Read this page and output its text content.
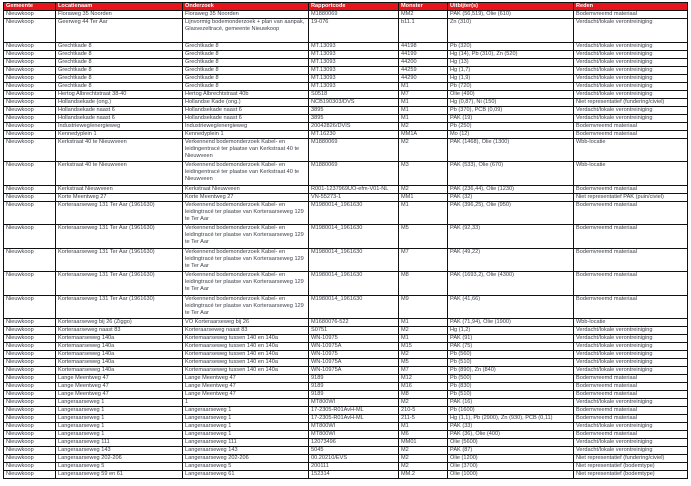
Gemeente	Locatienaam	Onderzoek	Rapportcode	Monster	Uitbijter(s)	Reden
Nieuwkoop	Floraweg 35 Noorden	Floraweg 35 Noorden	M1880069	MM2	PAK (56,519), Olie (610)	Bodemvreemd materiaal
Nieuwkoop	Geerweg 44 Ter Aar	Lijnvormig bodemonderzoek + plan van aanpak, Glasvezeltracé, gemeente Nieuwkoop	19-076	b11.1	Zn (310)	Verdacht/lokale verontreiniging
Nieuwkoop	Grechtkade 8	Grechtkade 8	MT.13093	44198	Pb (320)	Verdacht/lokale verontreiniging
Nieuwkoop	Grechtkade 8	Grechtkade 8	MT.13093	44199	Hg (14), Pb (310), Zn (520)	Verdacht/lokale verontreiniging
Nieuwkoop	Grechtkade 8	Grechtkade 8	MT.13093	44200	Hg (13)	Verdacht/lokale verontreiniging
Nieuwkoop	Grechtkade 8	Grechtkade 8	MT.13093	44259	Hg (1,7)	Verdacht/lokale verontreiniging
Nieuwkoop	Grechtkade 8	Grechtkade 8	MT.13093	44290	Hg (1,9)	Verdacht/lokale verontreiniging
Nieuwkoop	Grechtkade 8	Grechtkade 8	MT.13093	M1	Pb (720)	Verdacht/lokale verontreiniging
Nieuwkoop	Hertog Albrechtstraat 38-40	Hertog Albrechtstraat 40b	S0518	M7	Olie (490)	Verdacht/lokale verontreiniging
Nieuwkoop	Hollandsekade (ong.)	Hollandse Kade (ong.)	NCB190303/DVS	M1	Hg (0,87), Ni (150)	Niet representatief (fundering/civiel)
Nieuwkoop	Hollandsekade naast 6	Hollandsekade naast 6	3895	M1	Pb (370), PCB (0,09)	Verdacht/lokale verontreiniging
Nieuwkoop	Hollandsekade naast 6	Hollandsekade naast 6	3895	M1	PAK (19)	Verdacht/lokale verontreiniging
Nieuwkoop	Industrieweg/energieweg	Industrieweg/energieweg	20042826/DVIS	M2	Pb (250)	Bodemvreemd materiaal
Nieuwkoop	Kennedyplein 1	Kennedyplein 1	MT.16230	MM1A	Mo (12)	Bodemvreemd materiaal
Nieuwkoop	Kerkstraat 40 te Nieuwveen	Verkennend bodemonderzoek Kabel- en leidingentracé ter plaatse van Kerkstraat 40 te Nieuwveen	M1880069	M2	PAK (1468), Olie (1300)	Wbb-locatie
Nieuwkoop	Kerkstraat 40 te Nieuwveen	Verkennend bodemonderzoek Kabel- en leidingentracé ter plaatse van Kerkstraat 40 te Nieuwveen	M1880069	M3	PAK (533), Olie (670)	Wbb-locatie
Nieuwkoop	Kerkstraat Nieuwveen	Kerkstraat Nieuwveen	R001-1237969UO-efm-V01-NL	M2	PAK (236,44), Olie (1230)	Bodemvreemd materiaal
Nieuwkoop	Korte Meentweg 27	Korte Meentweg 27	VN-55273-1	MM1	PAK (32)	Niet representatief PAK (puin/civiel)
Nieuwkoop	Korteraarseweg 131 Ter Aar (1961630)	Verkennend bodemonderzoek Kabel- en leidingtracé ter plaatse van Korteraarseweg 129 te Ter Aar	M1980014_1961630	M1	PAK (396,25), Olie (950)	Bodemvreemd materiaal
Nieuwkoop	Korteraarseweg 131 Ter Aar (1961630)	Verkennend bodemonderzoek Kabel- en leidingtracé ter plaatse van Korteraarseweg 129 te Ter Aar	M1980014_1961630	M5	PAK (92,33)	Bodemvreemd materiaal
Nieuwkoop	Korteraarseweg 131 Ter Aar (1961630)	Verkennend bodemonderzoek Kabel- en leidingtracé ter plaatse van Korteraarseweg 129 te Ter Aar	M1980014_1961630	M7	PAK (49,22)	Bodemvreemd materiaal
Nieuwkoop	Korteraarseweg 131 Ter Aar (1961630)	Verkennend bodemonderzoek Kabel- en leidingtracé ter plaatse van Korteraarseweg 129 te Ter Aar	M1980014_1961630	M8	PAK (1693,2), Olie (4300)	Bodemvreemd materiaal
Nieuwkoop	Korteraarseweg 131 Ter Aar (1961630)	Verkennend bodemonderzoek Kabel- en leidingtracé ter plaatse van Korteraarseweg 129 te Ter Aar	M1980014_1961630	M9	PAK (41,66)	Bodemvreemd materiaal
Nieuwkoop	Korteraarseweg bij 26 (Ziggo)	VO Korteraarseweg bij 26	M1680076-522	M1	PAK (71,94), Olie (1900)	Wbb-locatie
Nieuwkoop	Korteraarseweg naast 83	Korteraarseweg naast 83	S0751	M2	Hg (1,2)	Verdacht/lokale verontreiniging
Nieuwkoop	Kortemaarseweg 140a	Kortemaarseweg tussen 140 en 140a	WN-10975	M1	PAK (91)	Verdacht/lokale verontreiniging
Nieuwkoop	Kortemaarseweg 140a	Kortemaarseweg tussen 140 en 140a	WN-10975A	M15	PAK (75)	Verdacht/lokale verontreiniging
Nieuwkoop	Kortemaarseweg 140a	Kortemaarseweg tussen 140 en 140a	WN-10975	M2	Pb (560)	Verdacht/lokale verontreiniging
Nieuwkoop	Kortemaarseweg 140a	Kortemaarseweg tussen 140 en 140a	WN-10975A	M5	Pb (510)	Verdacht/lokale verontreiniging
Nieuwkoop	Kortemaarseweg 140a	Kortemaarseweg tussen 140 en 140a	WN-10975A	M7	Pb (890), Zn (840)	Verdacht/lokale verontreiniging
Nieuwkoop	Lange Meentweg 47	Lange Meentweg 47	9189	M12	Pb (500)	Bodemvreemd materiaal
Nieuwkoop	Lange Meentweg 47	Lange Meentweg 47	9189	M16	Pb (830)	Bodemvreemd materiaal
Nieuwkoop	Lange Meentweg 47	Lange Meentweg 47	9189	M8	Pb (510)	Bodemvreemd materiaal
Nieuwkoop	Langeraarseweg 1	1	MT800WI	M2	PAK (16)	Verdacht/lokale verontreiniging
Nieuwkoop	Langeraarseweg 1	Langeraarseweg 1	17-2305-R01AvH-ML	210-5	Pb (1600)	Bodemvreemd materiaal
Nieuwkoop	Langeraarseweg 1	Langeraarseweg 1	17-2305-R01AvH-ML	211-5	Hg (1,1), Pb (2900), Zn (930), PCB (0,11)	Bodemvreemd materiaal
Nieuwkoop	Langeraarseweg 1	Langeraarseweg 1	MT800WI	M1	PAK (33)	Verdacht/lokale verontreiniging
Nieuwkoop	Langeraarseweg 1	Langeraarseweg 1	MT800WI	M6	PAK (36), Olie (400)	Bodemvreemd materiaal
Nieuwkoop	Langeraarseweg 111	Langeraarseweg 111	12073496	MM01	Olie (5600)	Verdacht/lokale verontreiniging
Nieuwkoop	Langeraarseweg 143	Langeraarseweg 143	5045	M2	PAK (87)	Verdacht/lokale verontreiniging
Nieuwkoop	Langeraarseweg 202-206	Langeraarseweg 202-206	00.20210/EVS	M2	Olie (1200)	Niet representatief (fundering/civiel)
Nieuwkoop	Langeraarseweg 5	Langeraarseweg 5	200111	M2	Olie (3700)	Niet representatief (bodemtype)
Nieuwkoop	Langeraarseweg 59 en 61	Langeraarseweg 61	152314	MM.2	Olie (1000)	Niet representatief (bodemtype)
